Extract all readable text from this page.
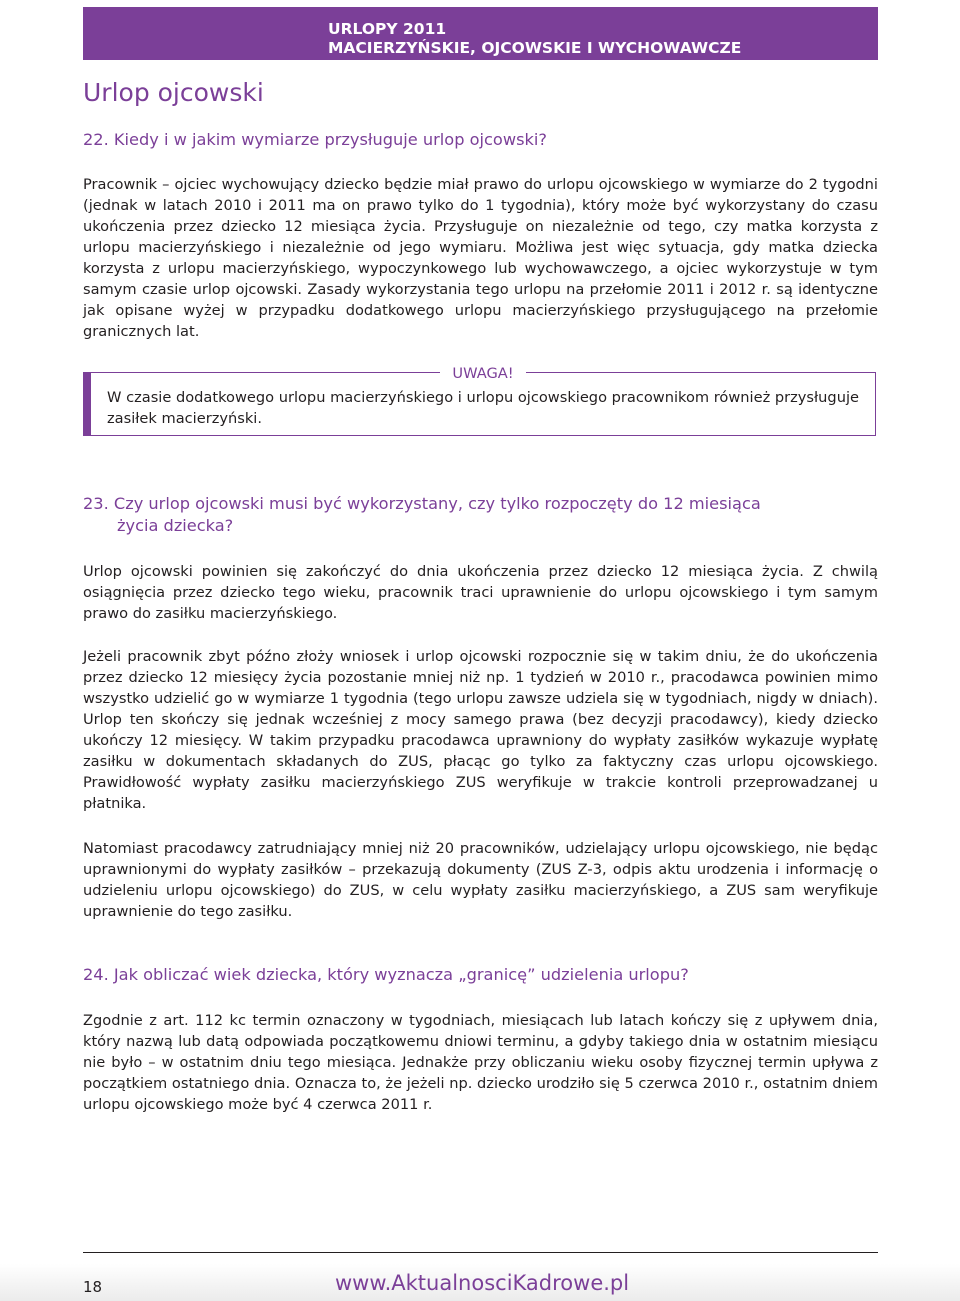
URLOPY 2011
MACIERZYŃSKIE, OJCOWSKIE I WYCHOWAWCZE
Urlop ojcowski
22. Kiedy i w jakim wymiarze przysługuje urlop ojcowski?

Pracownik – ojciec wychowujący dziecko będzie miał prawo do urlopu ojcowskiego w wymiarze do 2 tygodni (jednak w latach 2010 i 2011 ma on prawo tylko do 1 tygodnia), który może być wykorzystany do czasu ukończenia przez dziecko 12 miesiąca życia. Przysługuje on niezależnie od tego, czy matka korzysta z urlopu macierzyńskiego i niezależnie od jego wymiaru. Możliwa jest więc sytuacja, gdy matka dziecka korzysta z urlopu macierzyńskiego, wypoczynkowego lub wychowawczego, a ojciec wykorzystuje w tym samym czasie urlop ojcowski. Zasady wykorzystania tego urlopu na przełomie 2011 i 2012 r. są identyczne jak opisane wyżej w przypadku dodatkowego urlopu macierzyńskiego przysługującego na przełomie granicznych lat.

UWAGA!

W czasie dodatkowego urlopu macierzyńskiego i urlopu ojcowskiego pracownikom również przysługuje zasiłek macierzyński.

23. Czy urlop ojcowski musi być wykorzystany, czy tylko rozpoczęty do 12 miesiąca
życia dziecka?

Urlop ojcowski powinien się zakończyć do dnia ukończenia przez dziecko 12 miesiąca życia. Z chwilą osiągnięcia przez dziecko tego wieku, pracownik traci uprawnienie do urlopu ojcowskiego i tym samym prawo do zasiłku macierzyńskiego.

Jeżeli pracownik zbyt późno złoży wniosek i urlop ojcowski rozpocznie się w takim dniu, że do ukończenia przez dziecko 12 miesięcy życia pozostanie mniej niż np. 1 tydzień w 2010 r., pracodawca powinien mimo wszystko udzielić go w wymiarze 1 tygodnia (tego urlopu zawsze udziela się w tygodniach, nigdy w dniach). Urlop ten skończy się jednak wcześniej z mocy samego prawa (bez decyzji pracodawcy), kiedy dziecko ukończy 12 miesięcy. W takim przypadku pracodawca uprawniony do wypłaty zasiłków wykazuje wypłatę zasiłku w dokumentach składanych do ZUS, płacąc go tylko za faktyczny czas urlopu ojcowskiego. Prawidłowość wypłaty zasiłku macierzyńskiego ZUS weryfikuje w trakcie kontroli przeprowadzanej u płatnika.

Natomiast pracodawcy zatrudniający mniej niż 20 pracowników, udzielający urlopu ojcowskiego, nie będąc uprawnionymi do wypłaty zasiłków – przekazują dokumenty (ZUS Z-3, odpis aktu urodzenia i informację o udzieleniu urlopu ojcowskiego) do ZUS, w celu wypłaty zasiłku macierzyńskiego, a ZUS sam weryfikuje uprawnienie do tego zasiłku.

24. Jak obliczać wiek dziecka, który wyznacza „granicę” udzielenia urlopu?

Zgodnie z art. 112 kc termin oznaczony w tygodniach, miesiącach lub latach kończy się z upływem dnia, który nazwą lub datą odpowiada początkowemu dniowi terminu, a gdyby takiego dnia w ostatnim miesiącu nie było – w ostatnim dniu tego miesiąca. Jednakże przy obliczaniu wieku osoby fizycznej termin upływa z początkiem ostatniego dnia. Oznacza to, że jeżeli np. dziecko urodziło się 5 czerwca 2010 r., ostatnim dniem urlopu ojcowskiego może być 4 czerwca 2011 r.

18	www.AktualnosciKadrowe.pl
